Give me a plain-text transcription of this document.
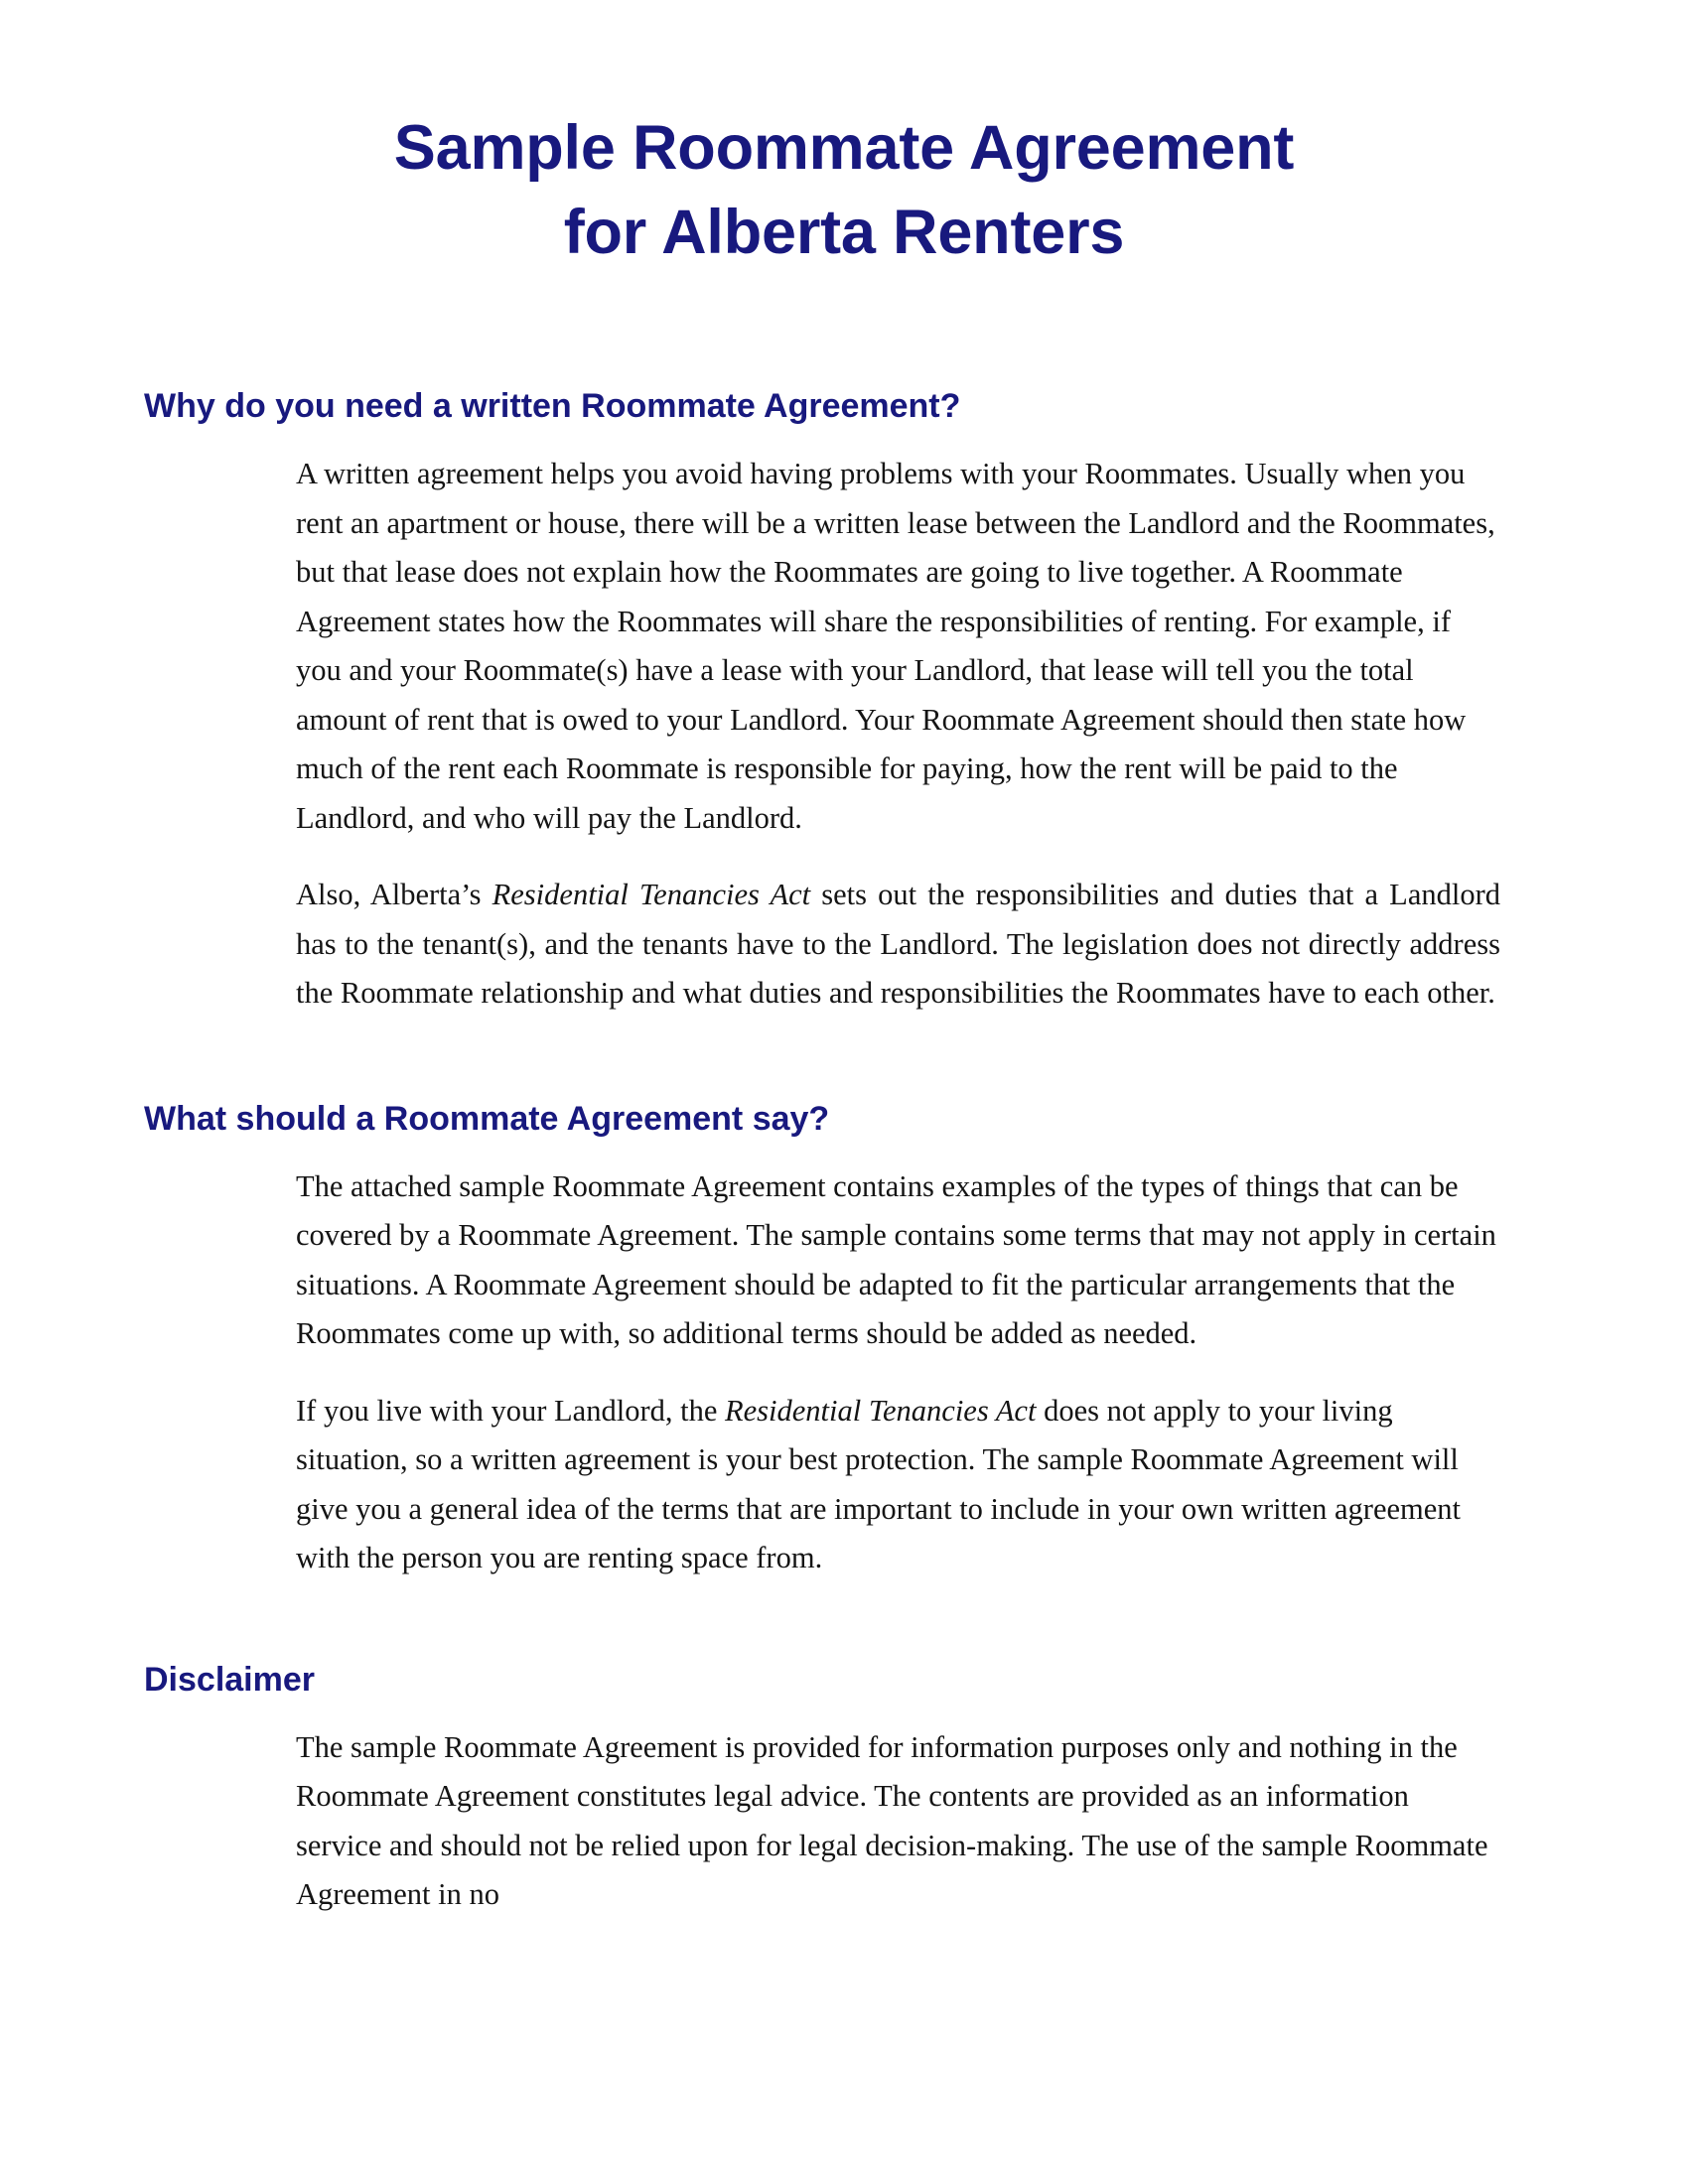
Sample Roommate Agreement
for Alberta Renters
Why do you need a written Roommate Agreement?

A written agreement helps you avoid having problems with your Roommates. Usually when you rent an apartment or house, there will be a written lease between the Landlord and the Roommates, but that lease does not explain how the Roommates are going to live together. A Roommate Agreement states how the Roommates will share the responsibilities of renting. For example, if you and your Roommate(s) have a lease with your Landlord, that lease will tell you the total amount of rent that is owed to your Landlord. Your Roommate Agreement should then state how much of the rent each Roommate is responsible for paying, how the rent will be paid to the Landlord, and who will pay the Landlord.

Also, Alberta’s Residential Tenancies Act sets out the responsibilities and duties that a Landlord has to the tenant(s), and the tenants have to the Landlord. The legislation does not directly address the Roommate relationship and what duties and responsibilities the Roommates have to each other.

What should a Roommate Agreement say?

The attached sample Roommate Agreement contains examples of the types of things that can be covered by a Roommate Agreement. The sample contains some terms that may not apply in certain situations. A Roommate Agreement should be adapted to fit the particular arrangements that the Roommates come up with, so additional terms should be added as needed.

If you live with your Landlord, the Residential Tenancies Act does not apply to your living situation, so a written agreement is your best protection. The sample Roommate Agreement will give you a general idea of the terms that are important to include in your own written agreement with the person you are renting space from.

Disclaimer

The sample Roommate Agreement is provided for information purposes only and nothing in the Roommate Agreement constitutes legal advice. The contents are provided as an information service and should not be relied upon for legal decision-making. The use of the sample Roommate Agreement in no
